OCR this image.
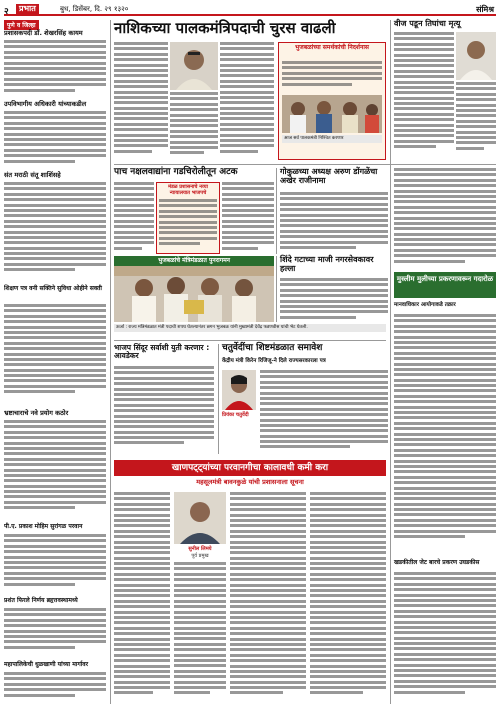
२	प्रभात	बुध, डिसेंबर, दि. २९ १३२०	संमिश्र
पुणे व जिल्हा
प्रशासकपदी डॉ. शेखरसिंह कायम
उपविभागीय अधिकारी यांच्याकडील
संत मराठी संतू शाशिंसहे
शिक्षण पत्र वनी सक्तिने सुविधा ओहीने सक्ती
भ्रष्टाचाराचे नवे प्रयोग कठोर
पी.ए. प्रकाश मोहिम सुरांगळ परवान
प्रशंत फिरले निर्णय ब्रहृत्तवस्थामध्ये
महापालिकेची धुळखाणी यांच्या मार्गावर
नाशिकच्या पालकमंत्रिपदाची चुरस वाढली
भुजबळांच्या समर्थकांची निदर्शनास
आज सर्व पालकमंत्री निश्चित करणार
वीज पडून तिघांचा मृत्यू
पाच नक्षलवाद्यांना गडचिरोलीतून अटक
मंडळ प्रशासनाचे नव्या न्यायालयात भाजपचे
गोकुळच्या अध्यक्ष अरुण डोंगळेंचा अखेर राजीनामा
भुजबळांचे मंत्रिमंडळात पुनरागमन
ऊर्जा : राज्य मंत्रिमंडळात मंत्री पदाची शपथ घेतल्यानंतर छगन भुजबळ यांनी मुख्यमंत्री देवेंद्र फडणवीस यांची भेट घेतली.
शिंदे गटाच्या माजी नगरसेवकावर हल्ला
मुस्लीम मुलीच्या प्रकरणावरून गदारोळ
मानवाधिकार आयोगाकडे तक्रार
खडकीतील जेट बारचे प्रकरण उघडकीस
भाजप सिंदूर सर्वाशी युती करणार : आवडेकर
चतुर्वेदींचा शिष्टमंडळात समावेश
केंद्रीय मंत्री किरेन रिजिजू-ने दिले राज्यसरकारला पत्र
प्रियंका चतुर्वेदी
खाणपट्ट्यांच्या परवानगीचा कालावधी कमी करा
महसूलमंत्री बावनकुळे यांची प्रशासनाला सूचना
सुनील लिमये
पूर्व प्रमुख
